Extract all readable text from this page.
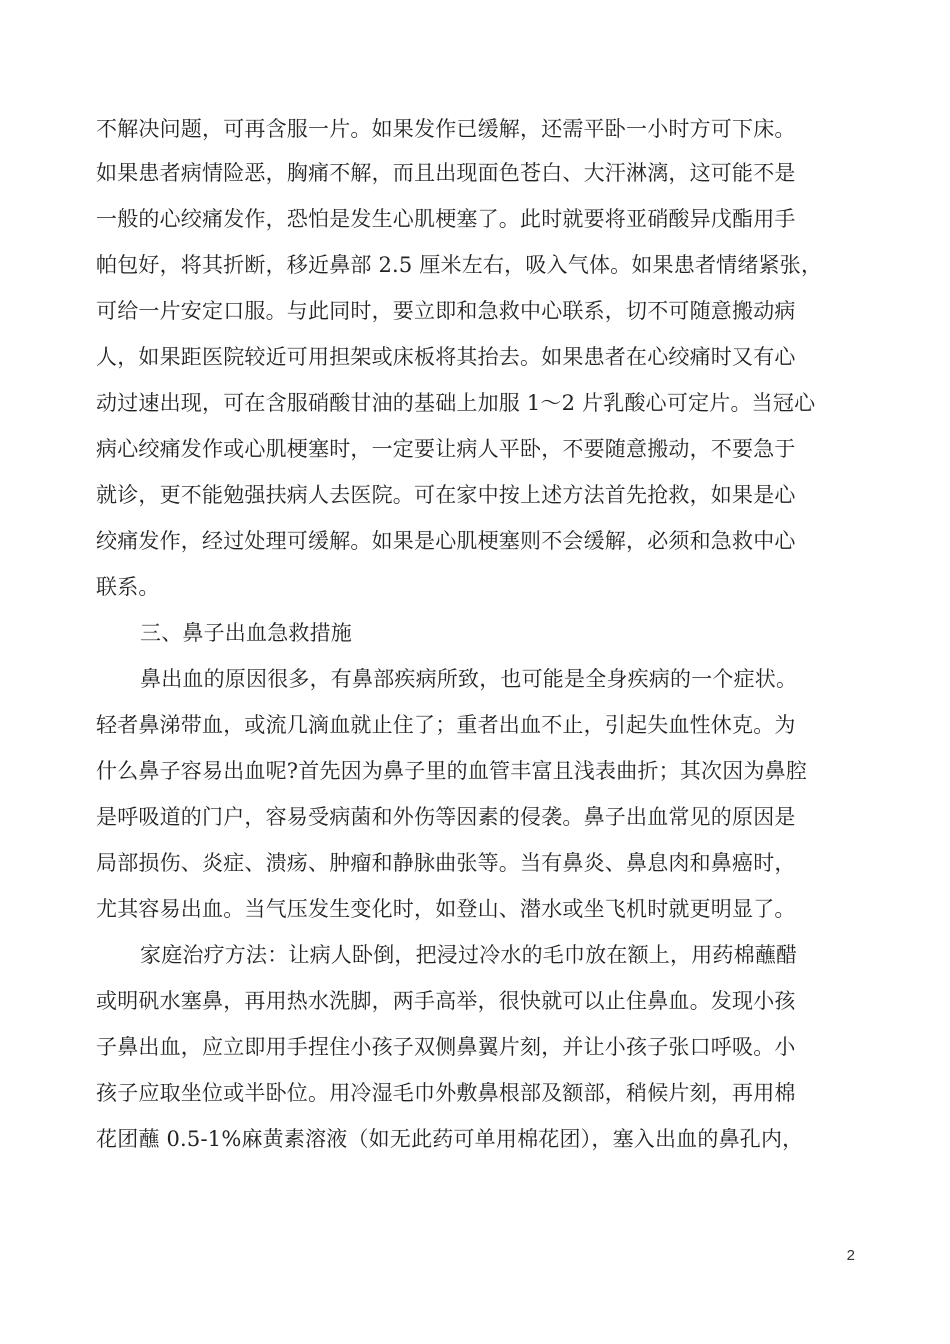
不解决问题，可再含服一片。如果发作已缓解，还需平卧一小时方可下床。
如果患者病情险恶，胸痛不解，而且出现面色苍白、大汗淋漓，这可能不是
一般的心绞痛发作，恐怕是发生心肌梗塞了。此时就要将亚硝酸异戊酯用手
帕包好，将其折断，移近鼻部 2.5 厘米左右，吸入气体。如果患者情绪紧张，
可给一片安定口服。与此同时，要立即和急救中心联系，切不可随意搬动病
人，如果距医院较近可用担架或床板将其抬去。如果患者在心绞痛时又有心
动过速出现，可在含服硝酸甘油的基础上加服 1～2 片乳酸心可定片。当冠心
病心绞痛发作或心肌梗塞时，一定要让病人平卧，不要随意搬动，不要急于
就诊，更不能勉强扶病人去医院。可在家中按上述方法首先抢救，如果是心
绞痛发作，经过处理可缓解。如果是心肌梗塞则不会缓解，必须和急救中心
联系。
三、鼻子出血急救措施
鼻出血的原因很多，有鼻部疾病所致，也可能是全身疾病的一个症状。
轻者鼻涕带血，或流几滴血就止住了；重者出血不止，引起失血性休克。为
什么鼻子容易出血呢?首先因为鼻子里的血管丰富且浅表曲折；其次因为鼻腔
是呼吸道的门户，容易受病菌和外伤等因素的侵袭。鼻子出血常见的原因是
局部损伤、炎症、溃疡、肿瘤和静脉曲张等。当有鼻炎、鼻息肉和鼻癌时，
尤其容易出血。当气压发生变化时，如登山、潜水或坐飞机时就更明显了。
家庭治疗方法：让病人卧倒，把浸过冷水的毛巾放在额上，用药棉蘸醋
或明矾水塞鼻，再用热水洗脚，两手高举，很快就可以止住鼻血。发现小孩
子鼻出血，应立即用手捏住小孩子双侧鼻翼片刻，并让小孩子张口呼吸。小
孩子应取坐位或半卧位。用冷湿毛巾外敷鼻根部及额部，稍候片刻，再用棉
花团蘸 0.5-1%麻黄素溶液（如无此药可单用棉花团），塞入出血的鼻孔内，
2
